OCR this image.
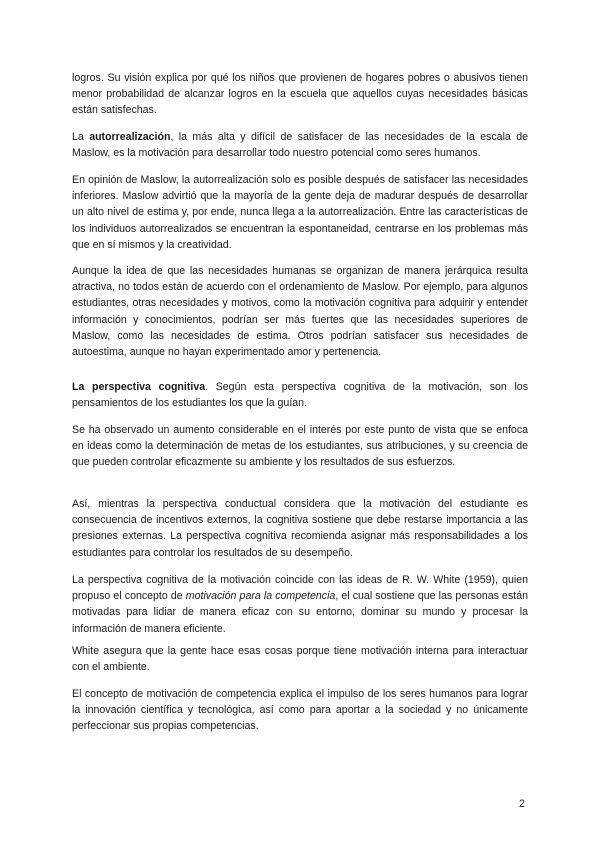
logros. Su visión explica por qué los niños que provienen de hogares pobres o abusivos tienen menor probabilidad de alcanzar logros en la escuela que aquellos cuyas necesidades básicas están satisfechas.
La autorrealización, la más alta y difícil de satisfacer de las necesidades de la escala de Maslow, es la motivación para desarrollar todo nuestro potencial como seres humanos.
En opinión de Maslow, la autorrealización solo es posible después de satisfacer las necesidades inferiores. Maslow advirtió que la mayoría de la gente deja de madurar después de desarrollar un alto nivel de estima y, por ende, nunca llega a la autorrealización. Entre las características de los individuos autorrealizados se encuentran la espontaneidad, centrarse en los problemas más que en sí mismos y la creatividad.
Aunque la idea de que las necesidades humanas se organizan de manera jerárquica resulta atractiva, no todos están de acuerdo con el ordenamiento de Maslow. Por ejemplo, para algunos estudiantes, otras necesidades y motivos, como la motivación cognitiva para adquirir y entender información y conocimientos, podrían ser más fuertes que las necesidades superiores de Maslow, como las necesidades de estima. Otros podrían satisfacer sus necesidades de autoestima, aunque no hayan experimentado amor y pertenencia.
La perspectiva cognitiva. Según esta perspectiva cognitiva de la motivación, son los pensamientos de los estudiantes los que la guían.
Se ha observado un aumento considerable en el interés por este punto de vista que se enfoca en ideas como la determinación de metas de los estudiantes, sus atribuciones, y su creencia de que pueden controlar eficazmente su ambiente y los resultados de sus esfuerzos.
Así, mientras la perspectiva conductual considera que la motivación del estudiante es consecuencia de incentivos externos, la cognitiva sostiene que debe restarse importancia a las presiones externas. La perspectiva cognitiva recomienda asignar más responsabilidades a los estudiantes para controlar los resultados de su desempeño.
La perspectiva cognitiva de la motivación coincide con las ideas de R. W. White (1959), quien propuso el concepto de motivación para la competencia, el cual sostiene que las personas están motivadas para lidiar de manera eficaz con su entorno, dominar su mundo y procesar la información de manera eficiente.
White asegura que la gente hace esas cosas porque tiene motivación interna para interactuar con el ambiente.
El concepto de motivación de competencia explica el impulso de los seres humanos para lograr la innovación científica y tecnológica, así como para aportar a la sociedad y no únicamente perfeccionar sus propias competencias.
2
